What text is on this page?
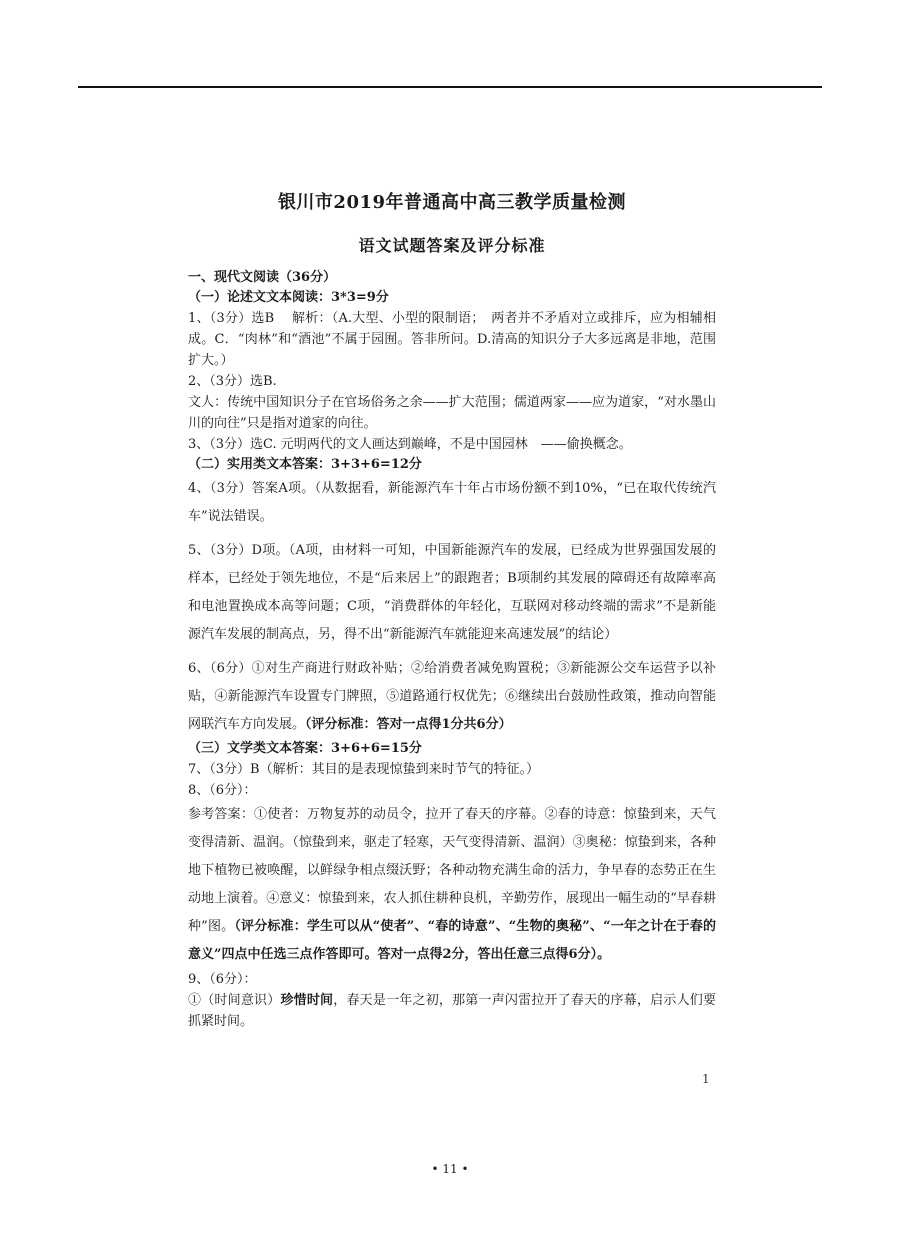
银川市2019年普通高中高三教学质量检测

语文试题答案及评分标准

一、现代文阅读（36分）

（一）论述文文本阅读：3*3=9分

1、（3分）选B　 解析：（A.大型、小型的限制语；　两者并不矛盾对立或排斥，应为相辅相成。C．“肉林”和“酒池”不属于园囿。答非所问。D.清高的知识分子大多远离是非地，范围扩大。）

2、（3分）选B.

文人：传统中国知识分子在官场俗务之余——扩大范围；儒道两家——应为道家，“对水墨山川的向往”只是指对道家的向往。

3、（3分）选C. 元明两代的文人画达到巅峰，不是中国园林　——偷换概念。

（二）实用类文本答案：3+3+6=12分

4、（3分）答案A项。（从数据看，新能源汽车十年占市场份额不到10%，“已在取代传统汽车”说法错误。

5、（3分）D项。（A项，由材料一可知，中国新能源汽车的发展，已经成为世界强国发展的样本，已经处于领先地位，不是“后来居上”的跟跑者；B项制约其发展的障碍还有故障率高和电池置换成本高等问题；C项，“消费群体的年轻化，互联网对移动终端的需求”不是新能源汽车发展的制高点，另，得不出“新能源汽车就能迎来高速发展”的结论）

6、（6分）①对生产商进行财政补贴；②给消费者减免购置税；③新能源公交车运营予以补贴，④新能源汽车设置专门牌照，⑤道路通行权优先；⑥继续出台鼓励性政策，推动向智能网联汽车方向发展。（评分标准：答对一点得1分共6分）

（三）文学类文本答案：3+6+6=15分

7、（3分）B（解析：其目的是表现惊蛰到来时节气的特征。）

8、（6分）：

参考答案：①使者：万物复苏的动员令，拉开了春天的序幕。②春的诗意：惊蛰到来，天气变得清新、温润。（惊蛰到来，驱走了轻寒，天气变得清新、温润）③奥秘：惊蛰到来，各种地下植物已被唤醒，以鲜绿争相点缀沃野；各种动物充满生命的活力，争早春的态势正在生动地上演着。④意义：惊蛰到来，农人抓住耕种良机，辛勤劳作，展现出一幅生动的“早春耕种”图。（评分标准：学生可以从“使者”、“春的诗意”、“生物的奥秘”、“一年之计在于春的意义”四点中任选三点作答即可。答对一点得2分，答出任意三点得6分）。

9、（6分）：

①（时间意识）珍惜时间，春天是一年之初，那第一声闪雷拉开了春天的序幕，启示人们要抓紧时间。

1
• 11 •
